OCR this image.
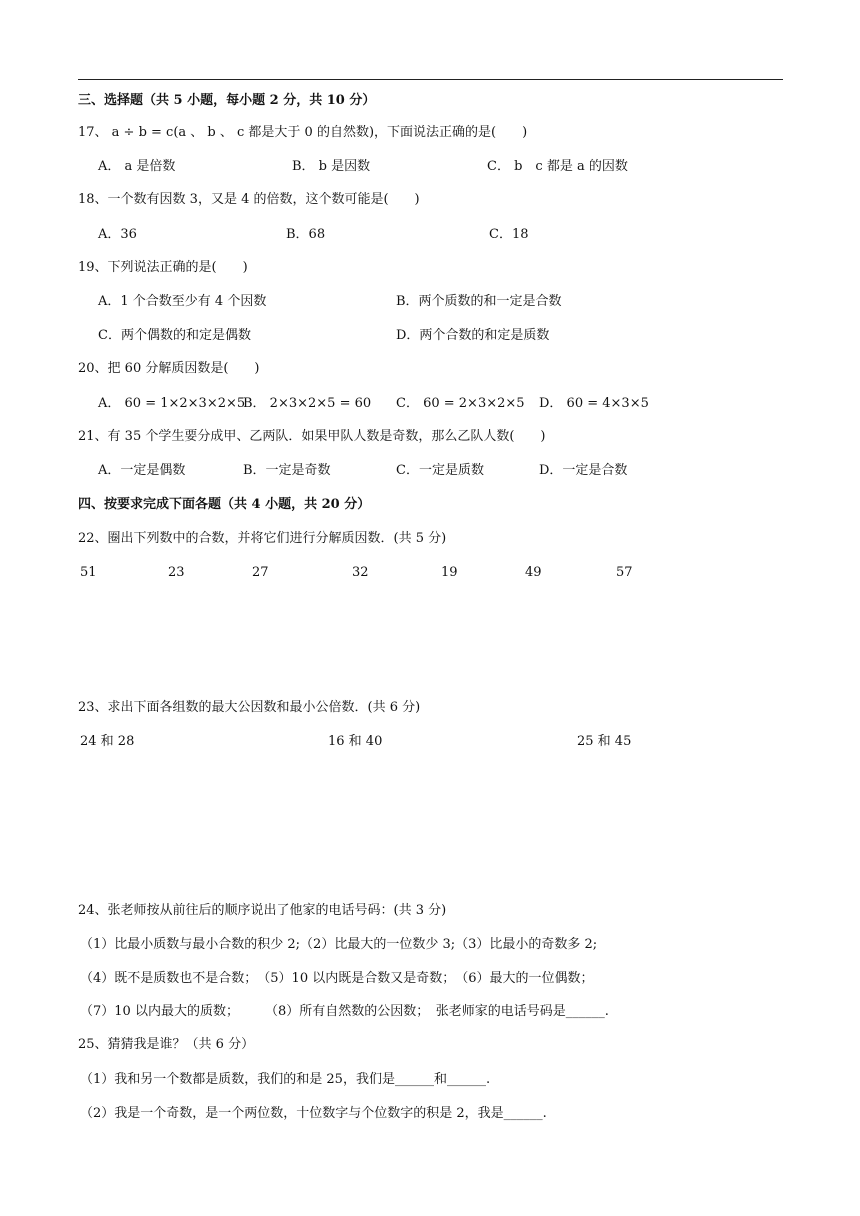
三、选择题（共 5 小题，每小题 2 分，共 10 分）
17、 a ÷ b = c(a 、 b 、 c 都是大于 0 的自然数)，下面说法正确的是(　　)
A． a 是倍数	B． b 是因数	C． b　c 都是 a 的因数
18、一个数有因数 3，又是 4 的倍数，这个数可能是(　　)
A．36	B．68	C．18
19、下列说法正确的是(　　)
A．1 个合数至少有 4 个因数	B．两个质数的和一定是合数
C．两个偶数的和定是偶数	D．两个合数的和定是质数
20、把 60 分解质因数是(　　)
A． 60 = 1×2×3×2×5
B． 2×3×2×5 = 60 C． 60 = 2×3×2×5 D． 60 = 4×3×5
21、有 35 个学生要分成甲、乙两队．如果甲队人数是奇数，那么乙队人数(　　)
A．一定是偶数	B．一定是奇数	C．一定是质数	D．一定是合数
四、按要求完成下面各题（共 4 小题，共 20 分）
22、圈出下列数中的合数，并将它们进行分解质因数．(共 5 分)
51	23	27	32	19	49	57
23、求出下面各组数的最大公因数和最小公倍数．(共 6 分)
24 和 28	16 和 40	25 和 45
24、张老师按从前往后的顺序说出了他家的电话号码：(共 3 分)
（1）比最小质数与最小合数的积少 2;（2）比最大的一位数少 3;（3）比最小的奇数多 2;
（4）既不是质数也不是合数；　（5）10 以内既是合数又是奇数；　（6）最大的一位偶数；
（7）10 以内最大的质数；　　　（8）所有自然数的公因数；　张老师家的电话号码是______.
25、猜猜我是谁？（共 6 分）
（1）我和另一个数都是质数，我们的和是 25，我们是______和______.
（2）我是一个奇数，是一个两位数，十位数字与个位数字的积是 2，我是______.
